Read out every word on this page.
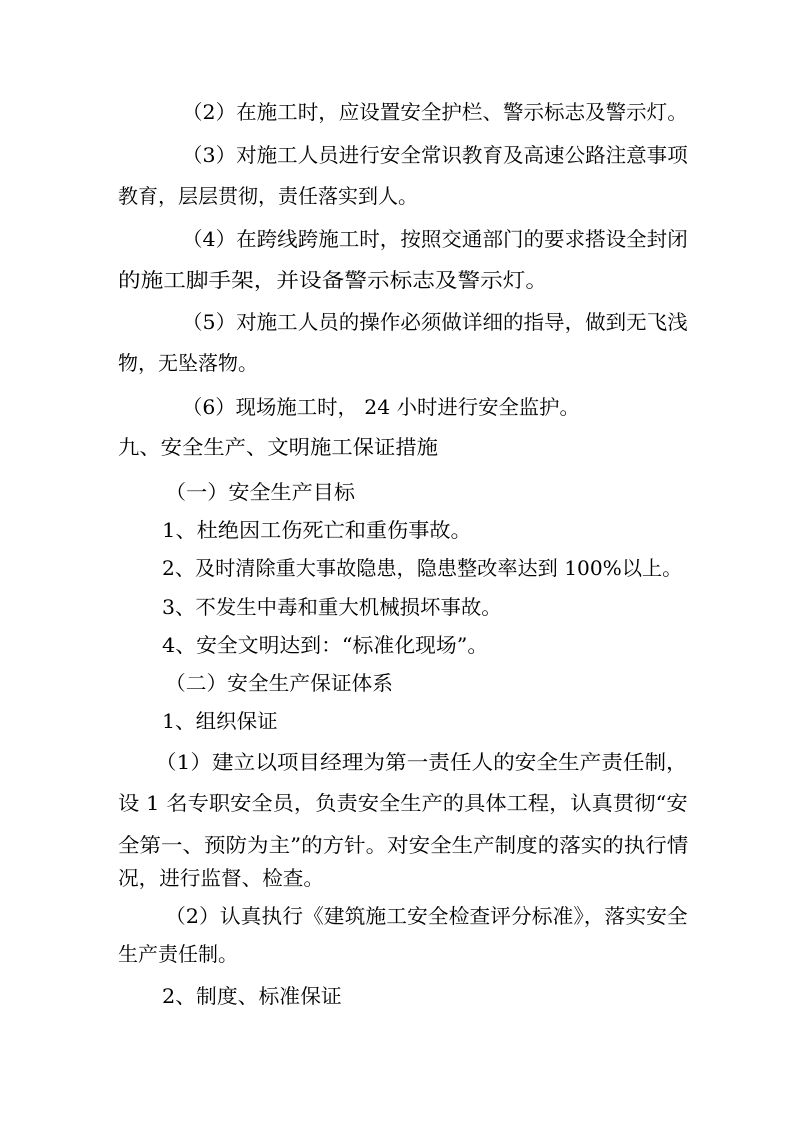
（2）在施工时，应设置安全护栏、警示标志及警示灯。
（3）对施工人员进行安全常识教育及高速公路注意事项
教育，层层贯彻，责任落实到人。
（4）在跨线跨施工时，按照交通部门的要求搭设全封闭
的施工脚手架，并设备警示标志及警示灯。
（5）对施工人员的操作必须做详细的指导，做到无飞浅
物，无坠落物。
（6）现场施工时， 24 小时进行安全监护。
九、安全生产、文明施工保证措施
（一）安全生产目标
1、杜绝因工伤死亡和重伤事故。
2、及时清除重大事故隐患，隐患整改率达到 100%以上。
3、不发生中毒和重大机械损坏事故。
4、安全文明达到：“标准化现场”。
（二）安全生产保证体系
1、组织保证
（1）建立以项目经理为第一责任人的安全生产责任制，
设 1 名专职安全员，负责安全生产的具体工程，认真贯彻“安
全第一、预防为主”的方针。对安全生产制度的落实的执行情
况，进行监督、检查。
（2）认真执行《建筑施工安全检查评分标准》，落实安全
生产责任制。
2、制度、标准保证
